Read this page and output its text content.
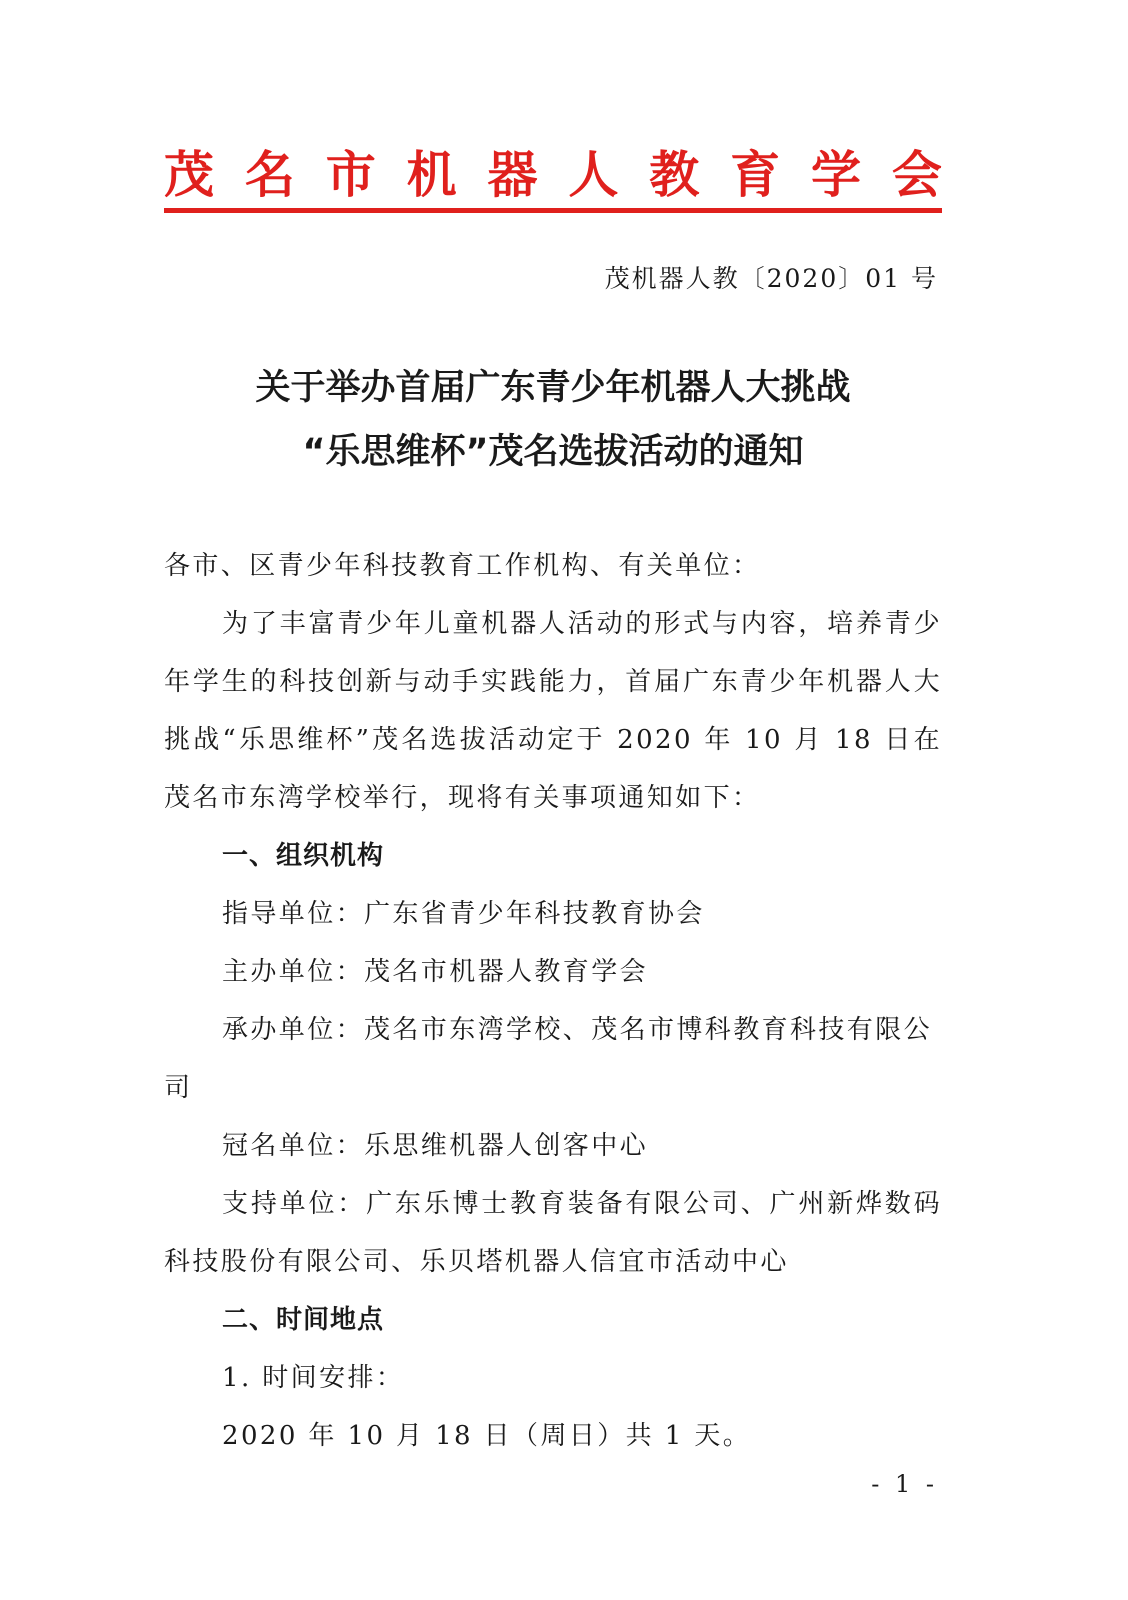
茂 名 市 机 器 人 教 育 学 会
茂机器人教〔2020〕01 号
关于举办首届广东青少年机器人大挑战
“乐思维杯”茂名选拔活动的通知

各市、区青少年科技教育工作机构、有关单位：

为了丰富青少年儿童机器人活动的形式与内容，培养青少年学生的科技创新与动手实践能力，首届广东青少年机器人大挑战“乐思维杯”茂名选拔活动定于 2020 年 10 月 18 日在茂名市东湾学校举行，现将有关事项通知如下：

一、组织机构

指导单位：广东省青少年科技教育协会

主办单位：茂名市机器人教育学会

承办单位：茂名市东湾学校、茂名市博科教育科技有限公司

冠名单位：乐思维机器人创客中心

支持单位：广东乐博士教育装备有限公司、广州新烨数码科技股份有限公司、乐贝塔机器人信宜市活动中心

二、时间地点

1. 时间安排：

2020 年 10 月 18 日（周日）共 1 天。

- 1 -
